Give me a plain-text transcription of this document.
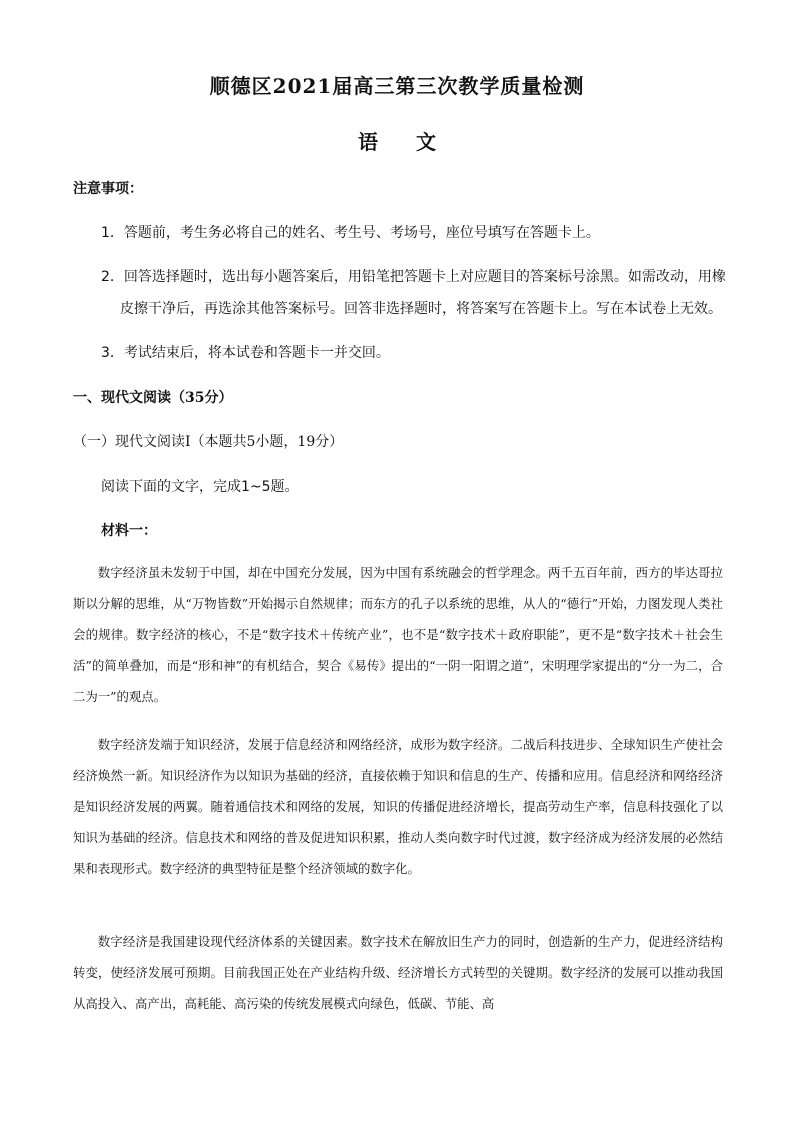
顺德区2021届高三第三次教学质量检测
语文
注意事项：
1．答题前，考生务必将自己的姓名、考生号、考场号，座位号填写在答题卡上。
2．回答选择题时，选出每小题答案后，用铅笔把答题卡上对应题目的答案标号涂黑。如需改动，用橡
皮擦干净后，再选涂其他答案标号。回答非选择题时，将答案写在答题卡上。写在本试卷上无效。
3．考试结束后，将本试卷和答题卡一并交回。
一、现代文阅读（35分）
（一）现代文阅读Ⅰ（本题共5小题，19分）
阅读下面的文字，完成1~5题。
材料一：

数字经济虽未发轫于中国，却在中国充分发展，因为中国有系统融会的哲学理念。两千五百年前，西方的毕达哥拉斯以分解的思维，从“万物皆数”开始揭示自然规律；而东方的孔子以系统的思维，从人的“德行”开始，力图发现人类社会的规律。数字经济的核心，不是“数字技术＋传统产业”，也不是“数字技术＋政府职能”，更不是“数字技术＋社会生活”的简单叠加，而是“形和神”的有机结合，契合《易传》提出的“一阴一阳谓之道”，宋明理学家提出的“分一为二，合二为一”的观点。

数字经济发端于知识经济，发展于信息经济和网络经济，成形为数字经济。二战后科技进步、全球知识生产使社会经济焕然一新。知识经济作为以知识为基础的经济，直接依赖于知识和信息的生产、传播和应用。信息经济和网络经济是知识经济发展的两翼。随着通信技术和网络的发展，知识的传播促进经济增长，提高劳动生产率，信息科技强化了以知识为基础的经济。信息技术和网络的普及促进知识积累，推动人类向数字时代过渡，数字经济成为经济发展的必然结果和表现形式。数字经济的典型特征是整个经济领域的数字化。

数字经济是我国建设现代经济体系的关键因素。数字技术在解放旧生产力的同时，创造新的生产力，促进经济结构转变，使经济发展可预期。目前我国正处在产业结构升级、经济增长方式转型的关键期。数字经济的发展可以推动我国从高投入、高产出，高耗能、高污染的传统发展模式向绿色，低碳、节能、高
